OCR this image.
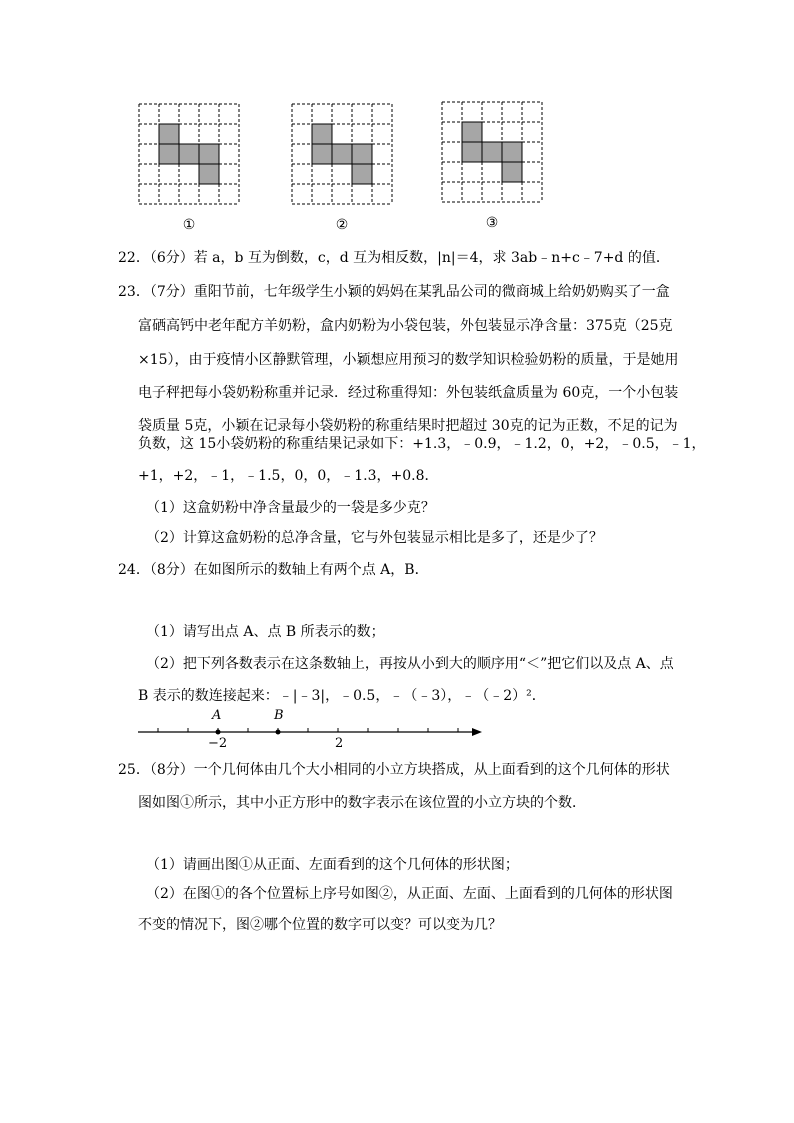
①	②	③
22．（6分）若 a，b 互为倒数，c，d 互为相反数，|n|＝4，求 3ab﹣n+c﹣7+d 的值．
23．（7分）重阳节前，七年级学生小颖的妈妈在某乳品公司的微商城上给奶奶购买了一盒
富硒高钙中老年配方羊奶粉，盒内奶粉为小袋包装，外包装显示净含量：375克（25克
×15），由于疫情小区静默管理，小颖想应用预习的数学知识检验奶粉的质量，于是她用
电子秤把每小袋奶粉称重并记录．经过称重得知：外包装纸盒质量为 60克，一个小包装
袋质量 5克，小颖在记录每小袋奶粉的称重结果时把超过 30克的记为正数，不足的记为
负数，这 15小袋奶粉的称重结果记录如下：+1.3，﹣0.9，﹣1.2，0，+2，﹣0.5，﹣1，
+1，+2，﹣1，﹣1.5，0，0，﹣1.3，+0.8．
（1）这盒奶粉中净含量最少的一袋是多少克？
（2）计算这盒奶粉的总净含量，它与外包装显示相比是多了，还是少了？
24．（8分）在如图所示的数轴上有两个点 A，B．
（1）请写出点 A、点 B 所表示的数；
（2）把下列各数表示在这条数轴上，再按从小到大的顺序用“＜”把它们以及点 A、点
B 表示的数连接起来：﹣|﹣3|，﹣0.5，﹣（﹣3），﹣（﹣2）²．
A	B
−2	2
25．（8分）一个几何体由几个大小相同的小立方块搭成，从上面看到的这个几何体的形状
图如图①所示，其中小正方形中的数字表示在该位置的小立方块的个数．
（1）请画出图①从正面、左面看到的这个几何体的形状图；
（2）在图①的各个位置标上序号如图②，从正面、左面、上面看到的几何体的形状图
不变的情况下，图②哪个位置的数字可以变？可以变为几？
